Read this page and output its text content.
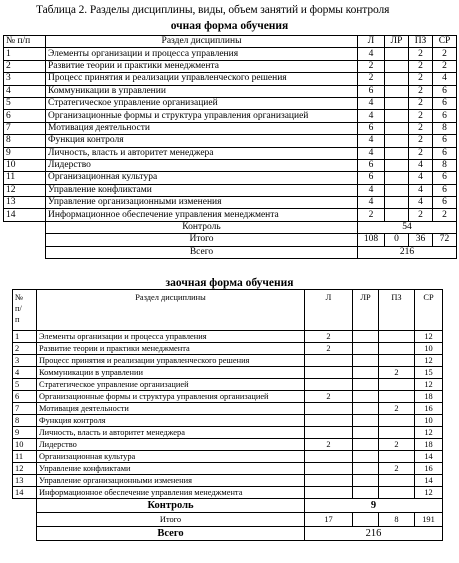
Таблица 2. Разделы дисциплины, виды, объем занятий и формы контроля
очная форма обучения
№ п/п	Раздел дисциплины	Л	ЛР	ПЗ	СР
1	Элементы организации и процесса управления	4		2	2
2	Развитие теории и практики менеджмента	2		2	2
3	Процесс принятия и реализации управленческого решения	2		2	4
4	Коммуникации в управлении	6		2	6
5	Стратегическое управление организацией	4		2	6
6	Организационные формы и структура управления организацией	4		2	6
7	Мотивация деятельности	6		2	8
8	Функция контроля	4		2	6
9	Личность, власть и авторитет менеджера	4		2	6
10	Лидерство	6		4	8
11	Организационная культура	6		4	6
12	Управление конфликтами	4		4	6
13	Управление организационными изменения	4		4	6
14	Информационное обеспечение управления менеджмента	2		2	2
	Контроль	54			
	Итого	108	0	36	72
	Всего	216			
заочная форма обучения
№
п/
п	Раздел дисциплины	Л	ЛР	ПЗ	СР
1	Элементы организации и процесса управления	2			12
2	Развитие теории и практики менеджмента	2			10
3	Процесс принятия и реализации управленческого решения				12
4	Коммуникации в управлении			2	15
5	Стратегическое управление организацией				12
6	Организационные формы и структура управления организацией	2			18
7	Мотивация деятельности			2	16
8	Функция контроля				10
9	Личность, власть и авторитет менеджера				12
10	Лидерство	2		2	18
11	Организационная культура				14
12	Управление конфликтами			2	16
13	Управление организационными изменения				14
14	Информационное обеспечение управления менеджмента				12
	Контроль	9			
	Итого	17		8	191
	Всего	216			
